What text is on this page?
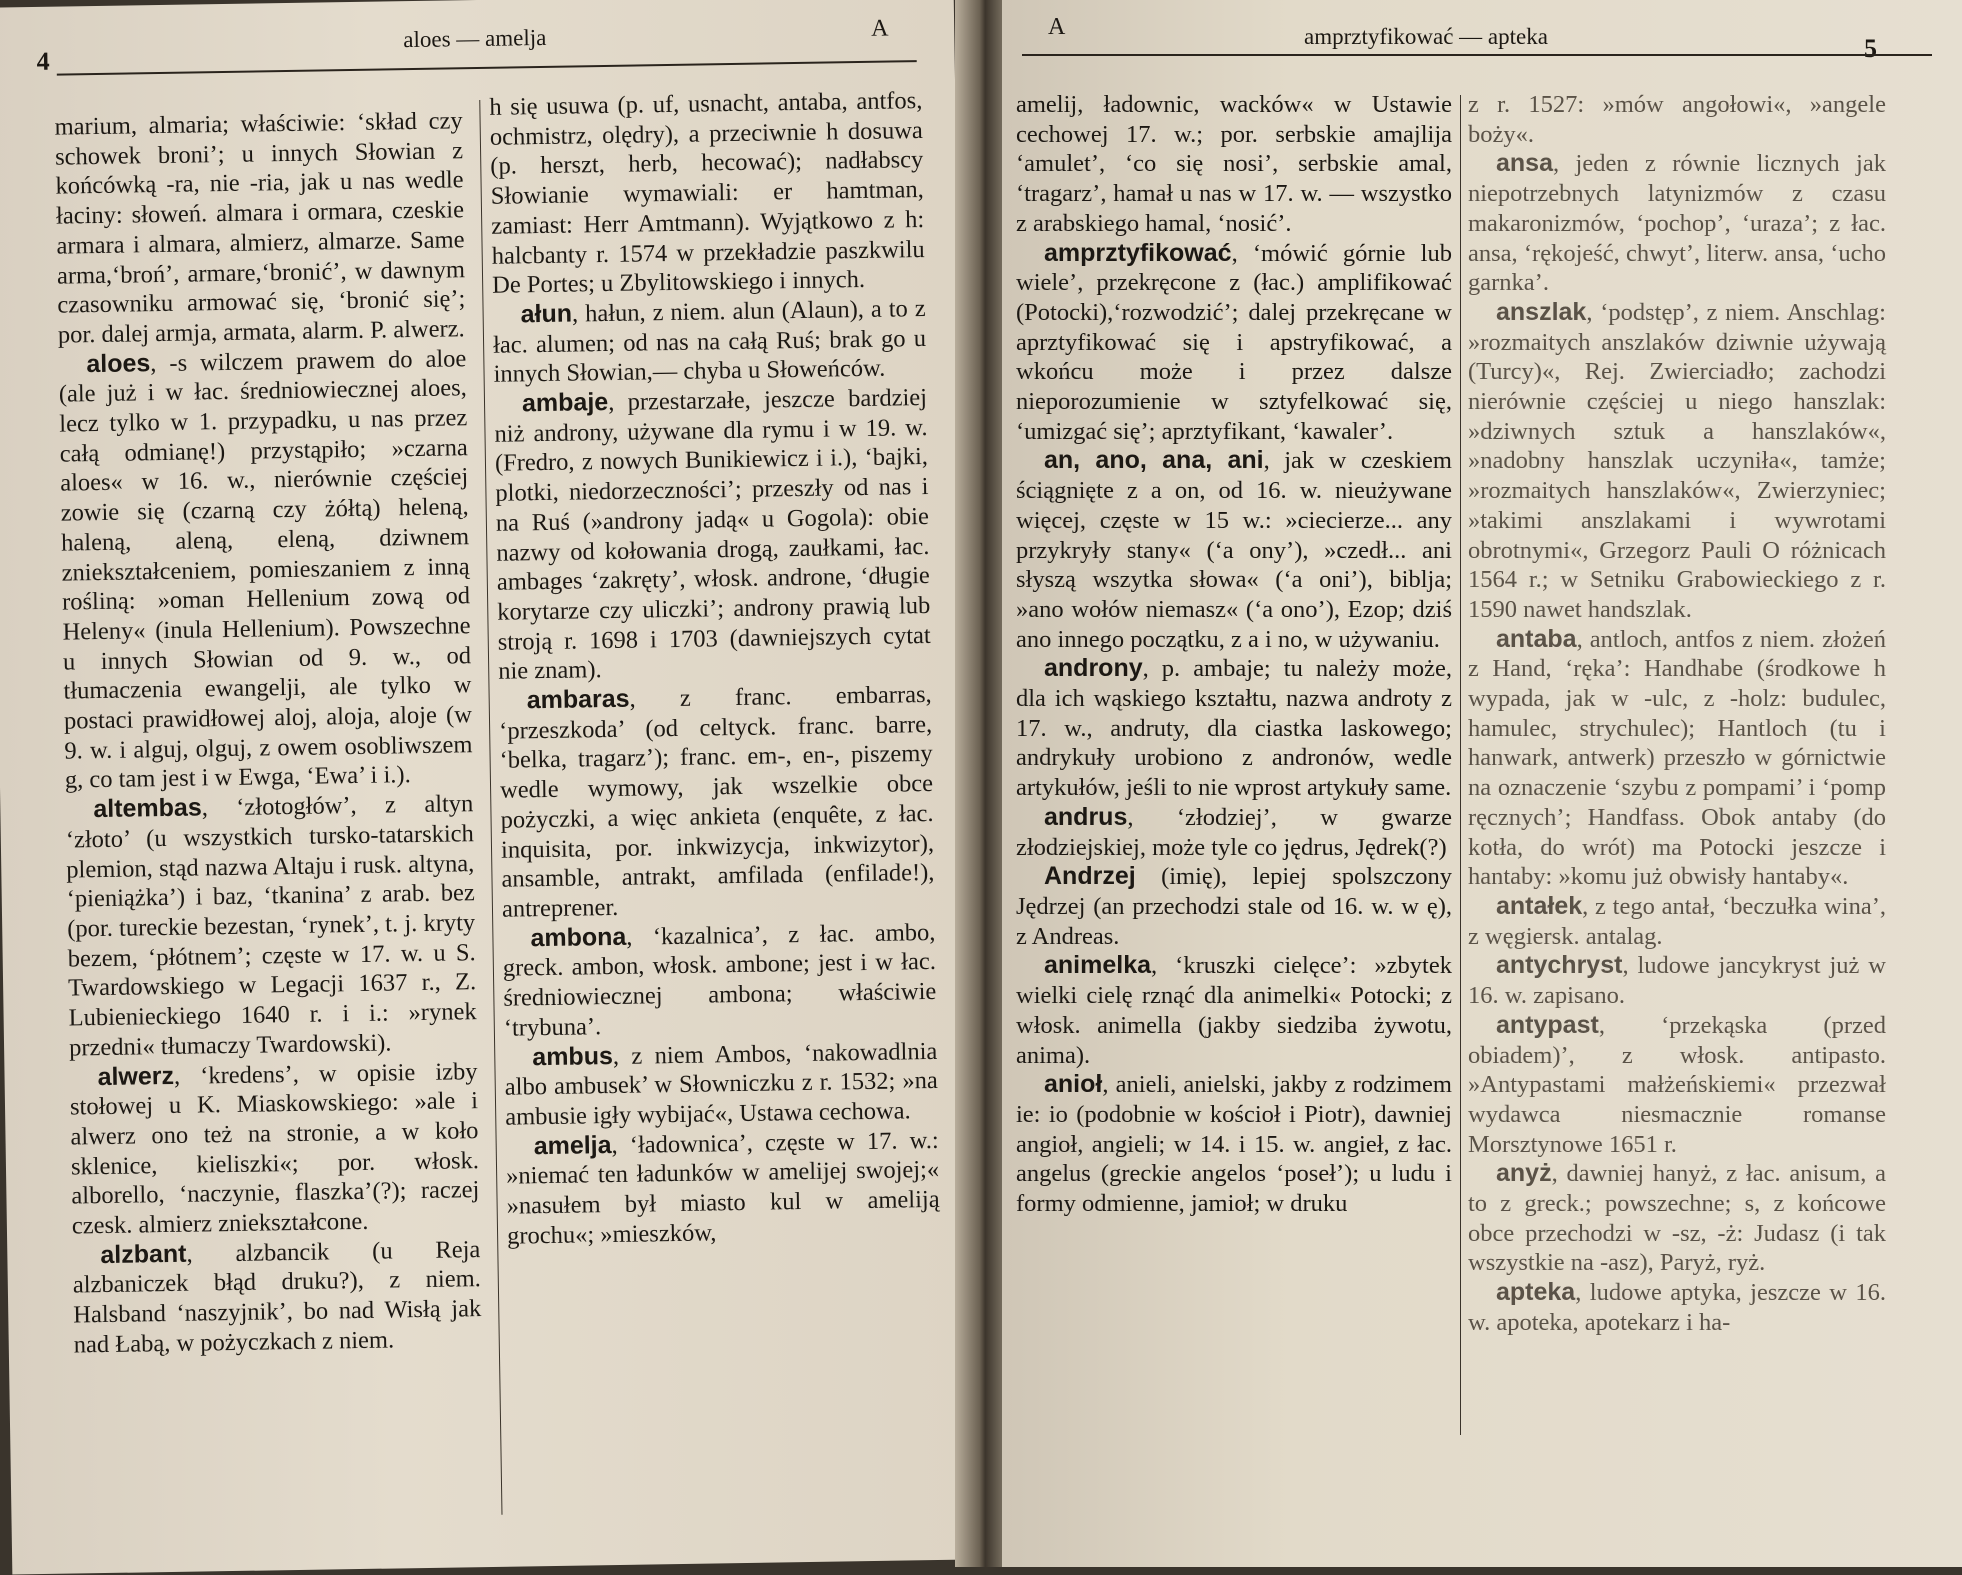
4
aloes — amelja	A

marium, almaria; właściwie: ‘skład czy schowek broni’; u innych Słowian z końcówką -ra, nie -ria, jak u nas wedle łaciny: słoweń. almara i ormara, czeskie armara i almara, almierz, almarze. Same arma,‘broń’, armare,‘bronić’, w dawnym czasowniku armować się, ‘bronić się’; por. dalej armja, armata, alarm. P. alwerz.

aloes, -s wilczem prawem do aloe (ale już i w łac. średniowiecznej aloes, lecz tylko w 1. przypadku, u nas przez całą odmianę!) przystąpiło; »czarna aloes« w 16. w., nierównie częściej zowie się (czarną czy żółtą) heleną, haleną, aleną, eleną, dziwnem zniekształceniem, pomieszaniem z inną rośliną: »oman Hellenium zową od Heleny« (inula Hellenium). Powszechne u innych Słowian od 9. w., od tłumaczenia ewangelji, ale tylko w postaci prawidłowej aloj, aloja, aloje (w 9. w. i alguj, olguj, z owem osobliwszem g, co tam jest i w Ewga, ‘Ewa’ i i.).

altembas, ‘złotogłów’, z altyn ‘złoto’ (u wszystkich tursko-tatarskich plemion, stąd nazwa Altaju i rusk. altyna, ‘pieniążka’) i baz, ‘tkanina’ z arab. bez (por. tureckie bezestan, ‘rynek’, t. j. kryty bezem, ‘płótnem’; częste w 17. w. u S. Twardowskiego w Legacji 1637 r., Z. Lubienieckiego 1640 r. i i.: »rynek przedni« tłumaczy Twardowski).

alwerz, ‘kredens’, w opisie izby stołowej u K. Miaskowskiego: »ale i alwerz ono też na stronie, a w koło sklenice, kieliszki«; por. włosk. alborello, ‘naczynie, flaszka’(?); raczej czesk. almierz zniekształcone.

alzbant, alzbancik (u Reja alzbaniczek błąd druku?), z niem. Halsband ‘naszyjnik’, bo nad Wisłą jak nad Łabą, w pożyczkach z niem.

h się usuwa (p. uf, usnacht, antaba, antfos, ochmistrz, olędry), a przeciwnie h dosuwa (p. herszt, herb, hecować); nadłabscy Słowianie wymawiali: er hamtman, zamiast: Herr Amtmann). Wyjątkowo z h: halcbanty r. 1574 w przekładzie paszkwilu De Portes; u Zbylitowskiego i innych.

ałun, hałun, z niem. alun (Alaun), a to z łac. alumen; od nas na całą Ruś; brak go u innych Słowian,— chyba u Słoweńców.

ambaje, przestarzałe, jeszcze bardziej niż androny, używane dla rymu i w 19. w. (Fredro, z nowych Bunikiewicz i i.), ‘bajki, plotki, niedorzeczności’; przeszły od nas i na Ruś (»androny jadą« u Gogola): obie nazwy od kołowania drogą, zaułkami, łac. ambages ‘zakręty’, włosk. androne, ‘długie korytarze czy uliczki’; androny prawią lub stroją r. 1698 i 1703 (dawniejszych cytat nie znam).

ambaras, z franc. embarras, ‘przeszkoda’ (od celtyck. franc. barre, ‘belka, tragarz’); franc. em-, en-, piszemy wedle wymowy, jak wszelkie obce pożyczki, a więc ankieta (enquête, z łac. inquisita, por. inkwizycja, inkwizytor), ansamble, antrakt, amfilada (enfilade!), antreprener.

ambona, ‘kazalnica’, z łac. ambo, greck. ambon, włosk. ambone; jest i w łac. średniowiecznej ambona; właściwie ‘trybuna’.

ambus, z niem Ambos, ‘nakowadlnia albo ambusek’ w Słowniczku z r. 1532; »na ambusie igły wybijać«, Ustawa cechowa.

amelja, ‘ładownica’, częste w 17. w.: »niemać ten ładunków w amelijej swojej;« »nasułem był miasto kul w ameliją grochu«; »mieszków,

A	amprztyfikować — apteka	5

amelij, ładownic, wacków« w Ustawie cechowej 17. w.; por. serbskie amajlija ‘amulet’, ‘co się nosi’, serbskie amal, ‘tragarz’, hamał u nas w 17. w. — wszystko z arabskiego hamal, ‘nosić’.

amprztyfikować, ‘mówić górnie lub wiele’, przekręcone z (łac.) amplifikować (Potocki),‘rozwodzić’; dalej przekręcane w aprztyfikować się i apstryfikować, a wkońcu może i przez dalsze nieporozumienie w sztyfelkować się, ‘umizgać się’; aprztyfikant, ‘kawaler’.

an, ano, ana, ani, jak w czeskiem ściągnięte z a on, od 16. w. nieużywane więcej, częste w 15 w.: »ciecierze... any przykryły stany« (‘a ony’), »czedł... ani słyszą wszytka słowa« (‘a oni’), biblja; »ano wołów niemasz« (‘a ono’), Ezop; dziś ano innego początku, z a i no, w używaniu.

androny, p. ambaje; tu należy może, dla ich wąskiego kształtu, nazwa androty z 17. w., andruty, dla ciastka laskowego; andrykuły urobiono z andronów, wedle artykułów, jeśli to nie wprost artykuły same.

andrus, ‘złodziej’, w gwarze złodziejskiej, może tyle co jędrus, Jędrek(?)

Andrzej (imię), lepiej spolszczony Jędrzej (an przechodzi stale od 16. w. w ę), z Andreas.

animelka, ‘kruszki cielęce’: »zbytek wielki cielę rznąć dla animelki« Potocki; z włosk. animella (jakby siedziba żywotu, anima).

anioł, anieli, anielski, jakby z rodzimem ie: io (podobnie w kościoł i Piotr), dawniej angioł, angieli; w 14. i 15. w. angieł, z łac. angelus (greckie angelos ‘poseł’); u ludu i formy odmienne, jamioł; w druku

z r. 1527: »mów angołowi«, »angele boży«.

ansa, jeden z równie licznych jak niepotrzebnych latynizmów z czasu makaronizmów, ‘pochop’, ‘uraza’; z łac. ansa, ‘rękojeść, chwyt’, literw. ansa, ‘ucho garnka’.

anszlak, ‘podstęp’, z niem. Anschlag: »rozmaitych anszlaków dziwnie używają (Turcy)«, Rej. Zwierciadło; zachodzi nierównie częściej u niego hanszlak: »dziwnych sztuk a hanszlaków«, »nadobny hanszlak uczyniła«, tamże; »rozmaitych hanszlaków«, Zwierzyniec; »takimi anszlakami i wywrotami obrotnymi«, Grzegorz Pauli O różnicach 1564 r.; w Setniku Grabowieckiego z r. 1590 nawet handszlak.

antaba, antloch, antfos z niem. złożeń z Hand, ‘ręka’: Handhabe (środkowe h wypada, jak w -ulc, z -holz: budulec, hamulec, strychulec); Hantloch (tu i hanwark, antwerk) przeszło w górnictwie na oznaczenie ‘szybu z pompami’ i ‘pomp ręcznych’; Handfass. Obok antaby (do kotła, do wrót) ma Potocki jeszcze i hantaby: »komu już obwisły hantaby«.

antałek, z tego antał, ‘beczułka wina’, z węgiersk. antalag.

antychryst, ludowe jancykryst już w 16. w. zapisano.

antypast, ‘przekąska (przed obiadem)’, z włosk. antipasto. »Antypastami małżeńskiemi« przezwał wydawca niesmacznie romanse Morsztynowe 1651 r.

anyż, dawniej hanyż, z łac. anisum, a to z greck.; powszechne; s, z końcowe obce przechodzi w -sz, -ż: Judasz (i tak wszystkie na -asz), Paryż, ryż.

apteka, ludowe aptyka, jeszcze w 16. w. apoteka, apotekarz i ha-
